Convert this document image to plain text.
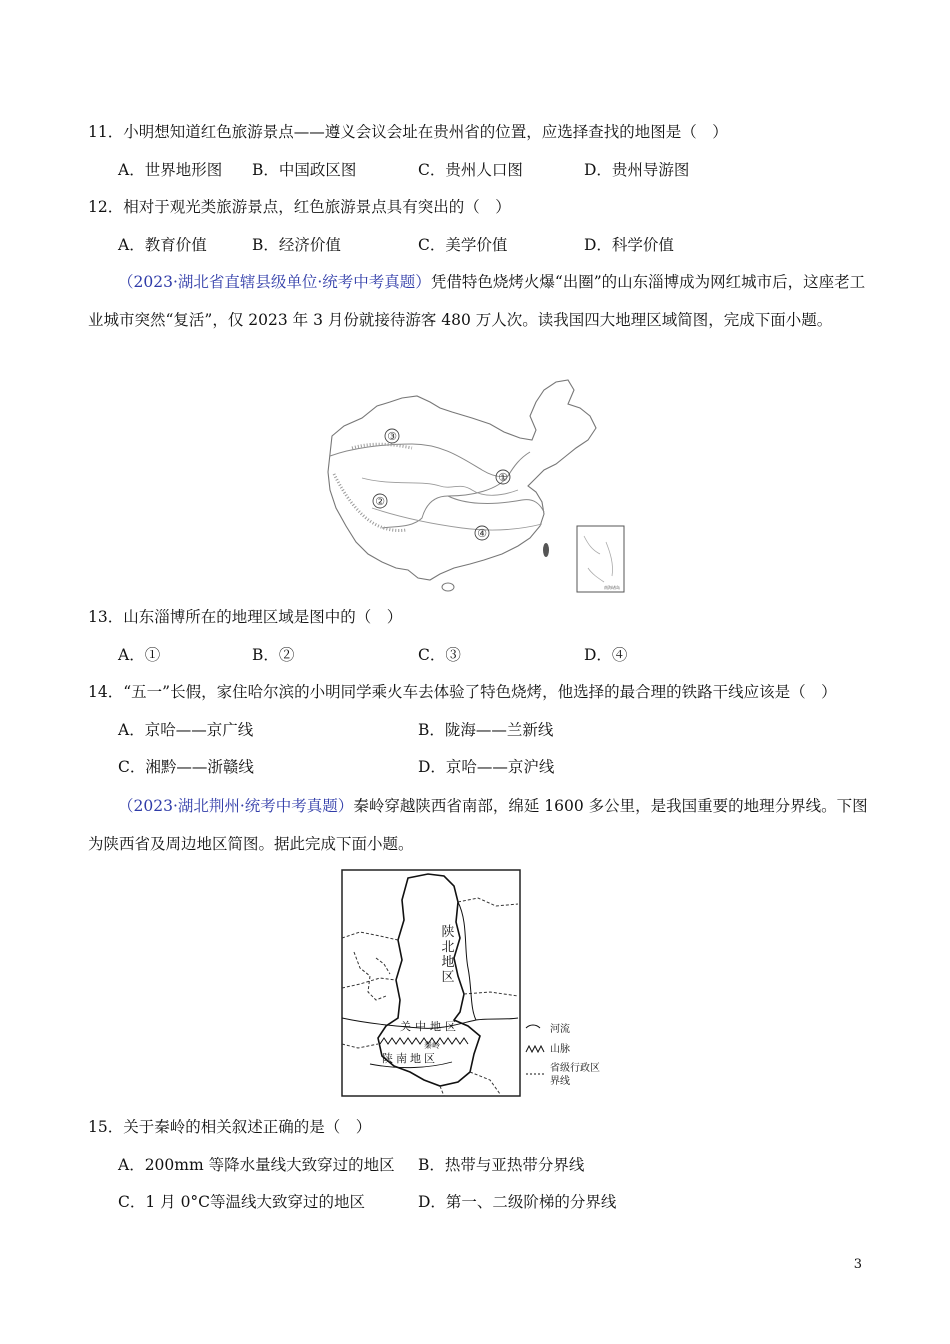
11．小明想知道红色旅游景点——遵义会议会址在贵州省的位置，应选择查找的地图是（　）
A．世界地形图 B．中国政区图	C．贵州人口图	D．贵州导游图
12．相对于观光类旅游景点，红色旅游景点具有突出的（　）
A．教育价值	B．经济价值	C．美学价值	D．科学价值
（2023·湖北省直辖县级单位·统考中考真题）凭借特色烧烤火爆“出圈”的山东淄博成为网红城市后，这座老工业城市突然“复活”，仅 2023 年 3 月份就接待游客 480 万人次。读我国四大地理区域简图，完成下面小题。
③
①
②
④
南海诸岛
13．山东淄博所在的地理区域是图中的（　）
A．①	B．②	C．③	D．④
14．“五一”长假，家住哈尔滨的小明同学乘火车去体验了特色烧烤，他选择的最合理的铁路干线应该是（　）
A．京哈——京广线	B．陇海——兰新线
C．湘黔——浙赣线	D．京哈——京沪线
（2023·湖北荆州·统考中考真题）秦岭穿越陕西省南部，绵延 1600 多公里，是我国重要的地理分界线。下图为陕西省及周边地区简图。据此完成下面小题。
陕北地区
关中地区
秦岭
陕南地区
河流
山脉
省级行政区界线
15．关于秦岭的相关叙述正确的是（　）
A．200mm 等降水量线大致穿过的地区 B．热带与亚热带分界线
C．1 月 0°C等温线大致穿过的地区	D．第一、二级阶梯的分界线
3
